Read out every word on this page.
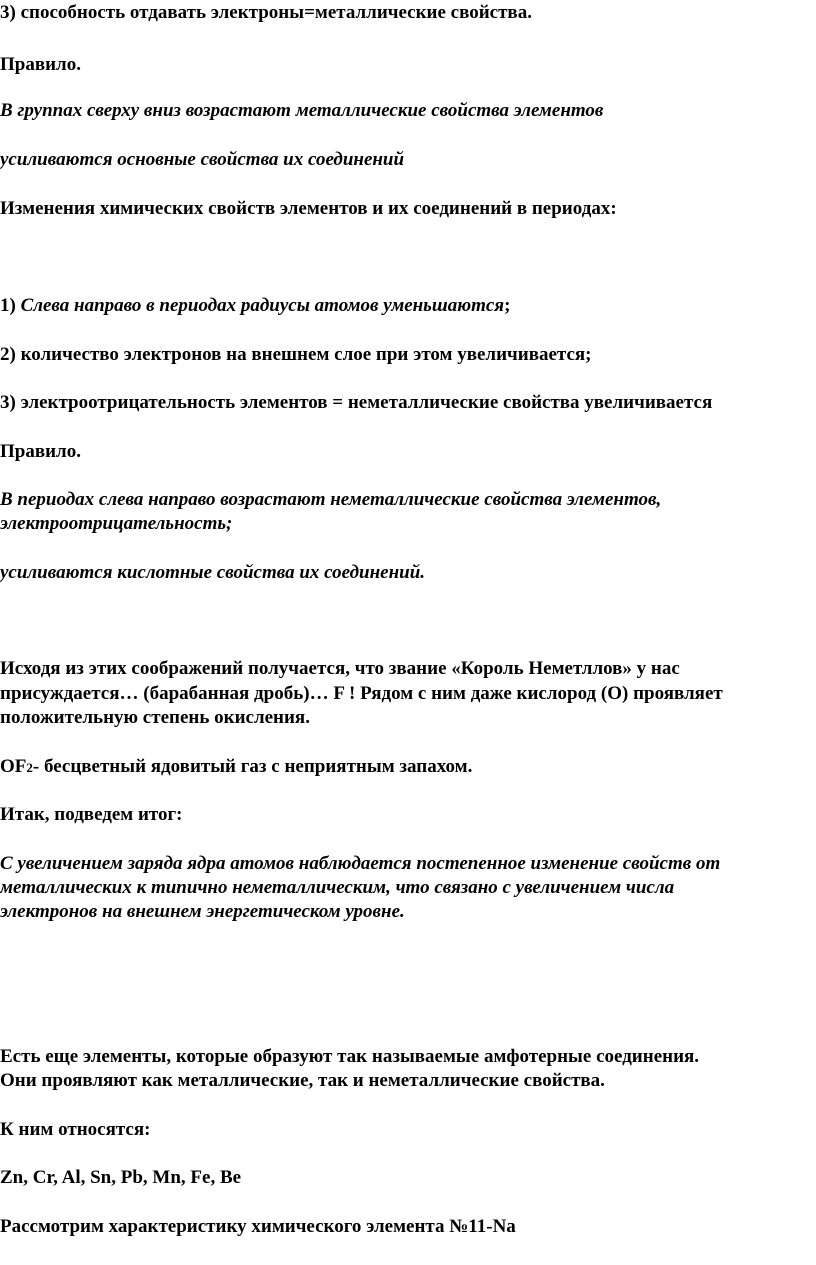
3) способность отдавать электроны=металлические свойства.
Правило.
В группах сверху вниз возрастают металлические свойства элементов
усиливаются основные свойства их соединений
Изменения химических свойств элементов и их соединений в периодах:
1) Слева направо в периодах радиусы атомов уменьшаются;
2) количество электронов на внешнем слое при этом увеличивается;
3) электроотрицательность элементов = неметаллические свойства увеличивается
Правило.
В периодах слева направо возрастают неметаллические свойства элементов,
электроотрицательность;
усиливаются кислотные свойства их соединений.
Исходя из этих соображений получается, что звание «Король Неметллов» у нас
присуждается… (барабанная дробь)… F ! Рядом с ним даже кислород (O) проявляет
положительную степень окисления.
OF2- бесцветный ядовитый газ с неприятным запахом.
Итак, подведем итог:
С увеличением заряда ядра атомов наблюдается постепенное изменение свойств от
металлических к типично неметаллическим, что связано с увеличением числа
электронов на внешнем энергетическом уровне.
Есть еще элементы, которые образуют так называемые амфотерные соединения.
Они проявляют как металлические, так и неметаллические свойства.
К ним относятся:
Zn, Cr, Al, Sn, Pb, Mn, Fe, Be
Рассмотрим характеристику химического элемента №11-Na
